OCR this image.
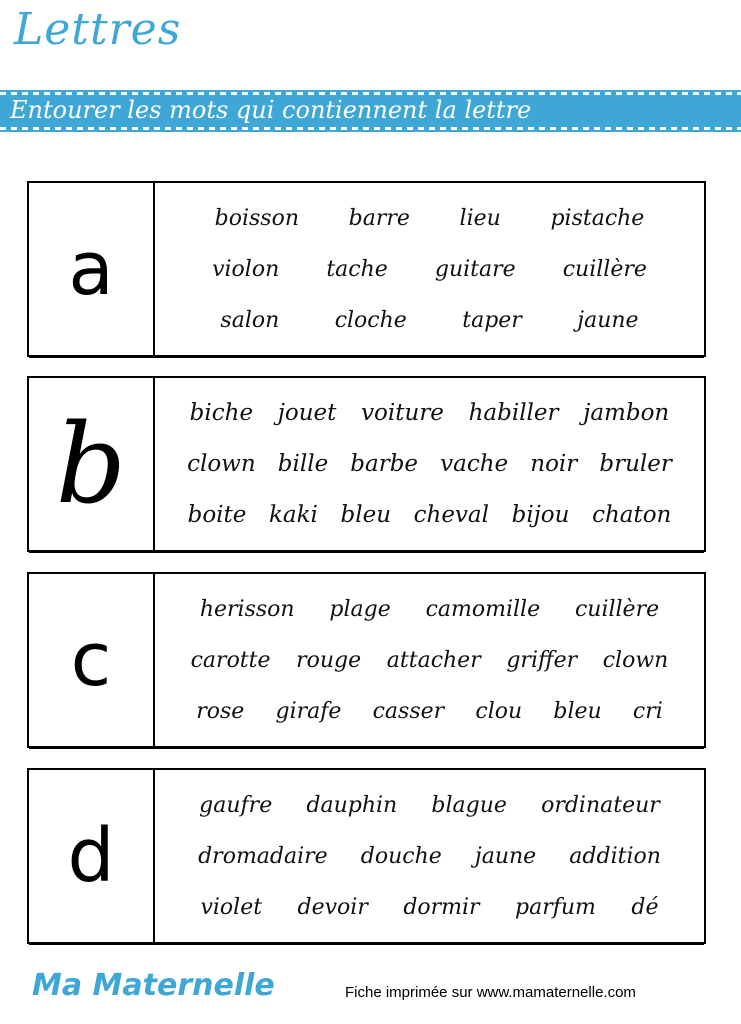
Lettres
Entourer les mots qui contiennent la lettre
a
boisson barre lieu pistache
violon tache guitare cuillère
salon	cloche	taper	jaune
b	biche jouet voiture habiller jambon
clown bille barbe vache noir bruler
boite kaki bleu cheval bijou chaton
c
herisson plage camomille cuillère
carotte rouge attacher griffer clown
rose girafe casser clou bleu cri
d
gaufre dauphin blague ordinateur
dromadaire douche jaune addition
violet devoir dormir parfum dé
Ma Maternelle	Fiche imprimée sur www.mamaternelle.com
